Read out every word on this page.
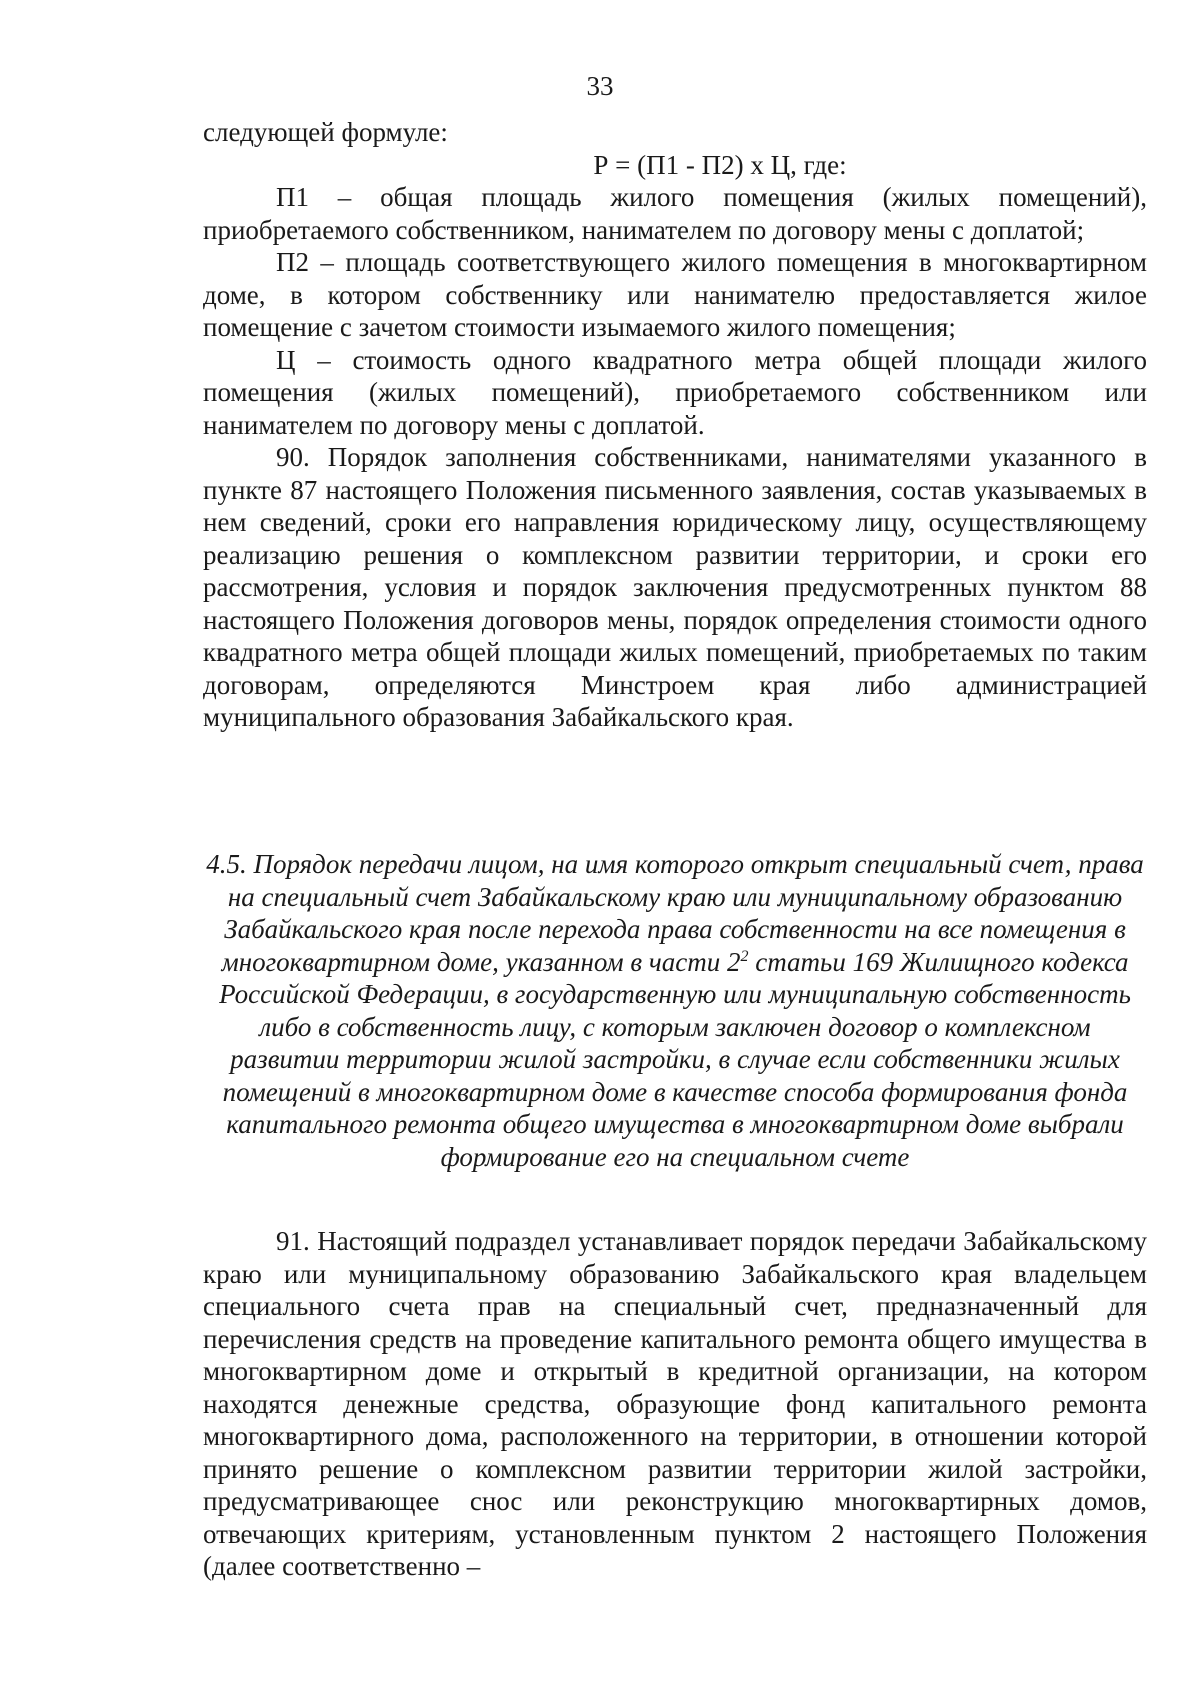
33

следующей формуле:

Р = (П1 - П2) х Ц, где:

П1 – общая площадь жилого помещения (жилых помещений), приобретаемого собственником, нанимателем по договору мены с доплатой;

П2 – площадь соответствующего жилого помещения в многоквартирном доме, в котором собственнику или нанимателю предоставляется жилое помещение с зачетом стоимости изымаемого жилого помещения;

Ц – стоимость одного квадратного метра общей площади жилого помещения (жилых помещений), приобретаемого собственником или нанимателем по договору мены с доплатой.

90. Порядок заполнения собственниками, нанимателями указанного в пункте 87 настоящего Положения письменного заявления, состав указываемых в нем сведений, сроки его направления юридическому лицу, осуществляющему реализацию решения о комплексном развитии территории, и сроки его рассмотрения, условия и порядок заключения предусмотренных пунктом 88 настоящего Положения договоров мены, порядок определения стоимости одного квадратного метра общей площади жилых помещений, приобретаемых по таким договорам, определяются Минстроем края либо администрацией муниципального образования Забайкальского края.

4.5. Порядок передачи лицом, на имя которого открыт специальный счет, права на специальный счет Забайкальскому краю или муниципальному образованию Забайкальского края после перехода права собственности на все помещения в многоквартирном доме, указанном в части $2^2$ статьи 169 Жилищного кодекса Российской Федерации, в государственную или муниципальную собственность либо в собственность лицу, с которым заключен договор о комплексном развитии территории жилой застройки, в случае если собственники жилых помещений в многоквартирном доме в качестве способа формирования фонда капитального ремонта общего имущества в многоквартирном доме выбрали формирование его на специальном счете

91. Настоящий подраздел устанавливает порядок передачи Забайкальскому краю или муниципальному образованию Забайкальского края владельцем специального счета прав на специальный счет, предназначенный для перечисления средств на проведение капитального ремонта общего имущества в многоквартирном доме и открытый в кредитной организации, на котором находятся денежные средства, образующие фонд капитального ремонта многоквартирного дома, расположенного на территории, в отношении которой принято решение о комплексном развитии территории жилой застройки, предусматривающее снос или реконструкцию многоквартирных домов, отвечающих критериям, установленным пунктом 2 настоящего Положения (далее соответственно –
